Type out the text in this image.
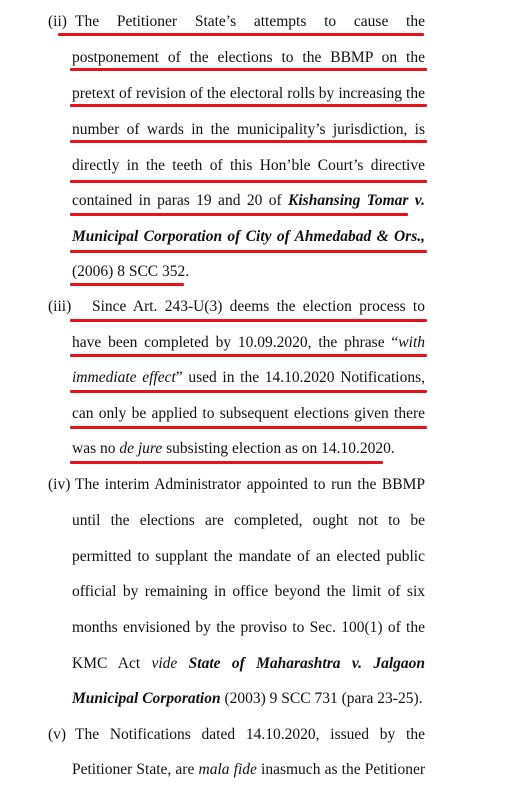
(ii) The Petitioner State’s attempts to cause the
postponement of the elections to the BBMP on the
pretext of revision of the electoral rolls by increasing the
number of wards in the municipality’s jurisdiction, is
directly in the teeth of this Hon’ble Court’s directive
contained in paras 19 and 20 of Kishansing Tomar v.
Municipal Corporation of City of Ahmedabad & Ors.,
(2006) 8 SCC 352.
(iii) Since Art. 243-U(3) deems the election process to
have been completed by 10.09.2020, the phrase “with
immediate effect” used in the 14.10.2020 Notifications,
can only be applied to subsequent elections given there
was no de jure subsisting election as on 14.10.2020.
(iv) The interim Administrator appointed to run the BBMP
until the elections are completed, ought not to be
permitted to supplant the mandate of an elected public
official by remaining in office beyond the limit of six
months envisioned by the proviso to Sec. 100(1) of the
KMC Act vide State of Maharashtra v. Jalgaon
Municipal Corporation (2003) 9 SCC 731 (para 23-25).
(v) The Notifications dated 14.10.2020, issued by the
Petitioner State, are mala fide inasmuch as the Petitioner
